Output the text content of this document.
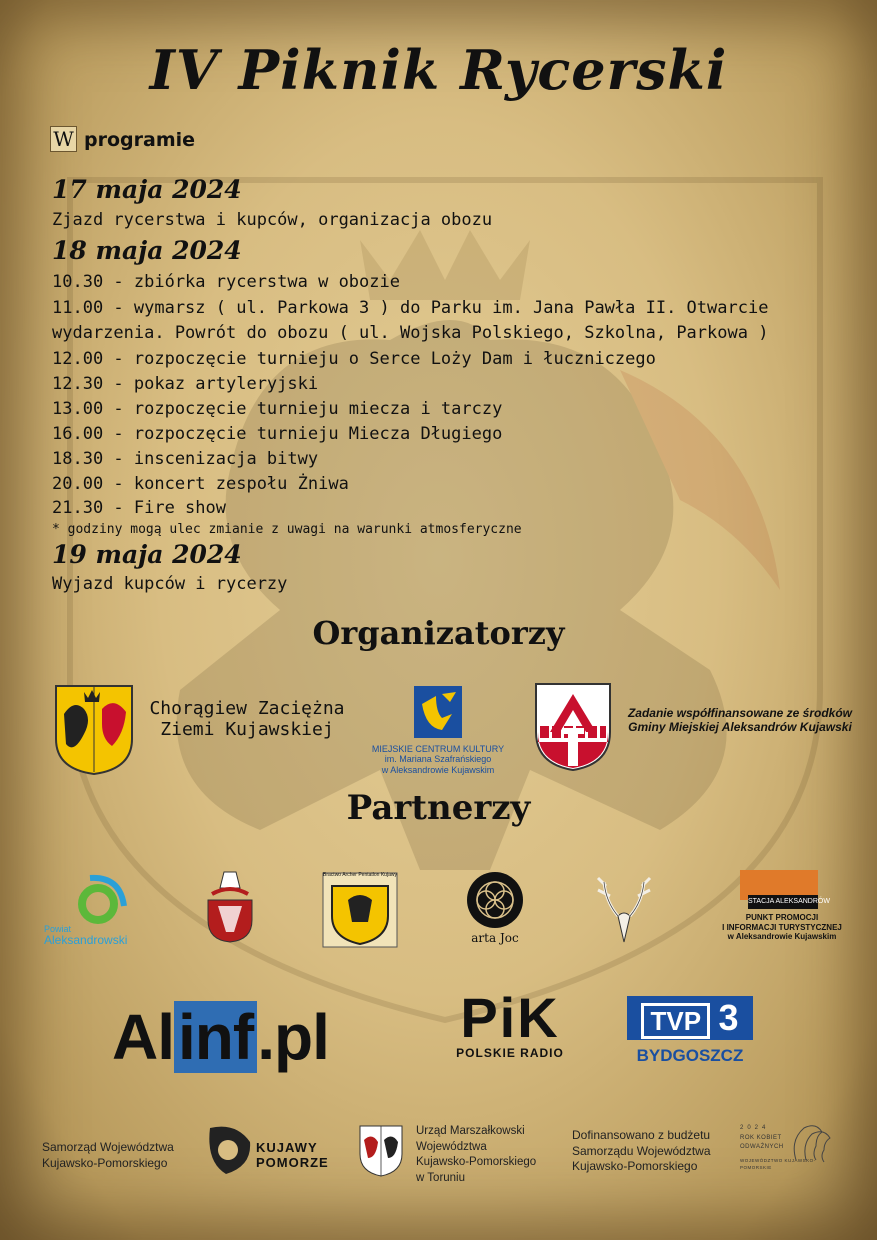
IV Piknik Rycerski
W programie
17 maja 2024
Zjazd rycerstwa i kupców, organizacja obozu
18 maja 2024
10.30 - zbiórka rycerstwa w obozie
11.00 - wymarsz ( ul. Parkowa 3 ) do Parku im. Jana Pawła II. Otwarcie
wydarzenia. Powrót do obozu ( ul. Wojska Polskiego, Szkolna, Parkowa )
12.00 - rozpoczęcie turnieju o Serce Loży Dam i łuczniczego
12.30 - pokaz artyleryjski
13.00 - rozpoczęcie turnieju miecza i tarczy
16.00 - rozpoczęcie turnieju Miecza Długiego
18.30 - inscenizacja bitwy
20.00 - koncert zespołu Żniwa
21.30 - Fire show
* godziny mogą ulec zmianie z uwagi na warunki atmosferyczne
19 maja 2024
Wyjazd kupców i rycerzy
Organizatorzy
Chorągiew Zaciężna
Ziemi Kujawskiej
MIEJSKIE CENTRUM KULTURY
im. Mariana Szafrańskiego
w Aleksandrowie Kujawskim
Zadanie współfinansowane ze środków
Gminy Miejskiej Aleksandrów Kujawski
Partnerzy
Powiat
Aleksandrowski
Bractwo Archer Pentatlon Kujawy
arta Joc
STACJA ALEKSANDRÓW
PUNKT PROMOCJI
I INFORMACJI TURYSTYCZNEJ
w Aleksandrowie Kujawskim
Alinf.pl PiK
POLSKIE RADIO
TVP 3
BYDGOSZCZ
Samorząd Województwa
Kujawsko-Pomorskiego
KUJAWY
POMORZE
Urząd Marszałkowski
Województwa
Kujawsko-Pomorskiego
w Toruniu
Dofinansowano z budżetu
Samorządu Województwa
Kujawsko-Pomorskiego
2024
ROK KOBIET
ODWAŻNYCH
WOJEWÓDZTWO KUJAWSKO-POMORSKIE
